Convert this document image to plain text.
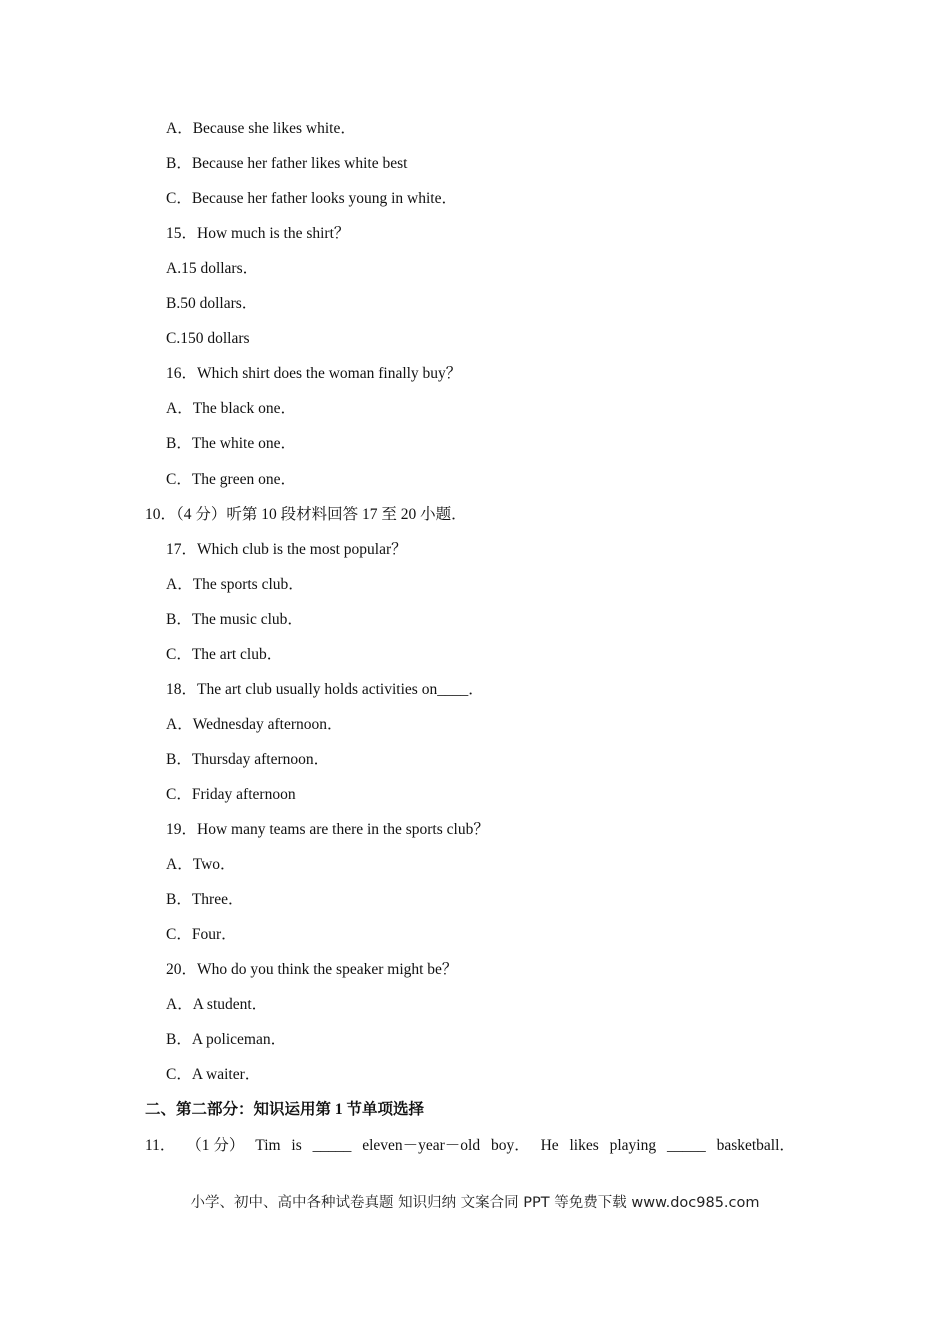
A．Because she likes white．
B．Because her father likes white best
C．Because her father looks young in white．
15．How much is the shirt？
A.15 dollars．
B.50 dollars．
C.150 dollars
16．Which shirt does the woman finally buy？
A．The black one．
B．The white one．
C．The green one．
10．（4 分）听第 10 段材料回答 17 至 20 小题．
17．Which club is the most popular？
A．The sports club．
B．The music club．
C．The art club．
18．The art club usually holds activities on____．
A．Wednesday afternoon．
B．Thursday afternoon．
C．Friday afternoon
19．How many teams are there in the sports club？
A．Two．
B．Three．
C．Four．
20．Who do you think the speaker might be？
A．A student．
B．A policeman．
C．A waiter．
二、第二部分：知识运用第 1 节单项选择
11． （1 分） Tim is _____ eleven－year－old boy． He likes playing _____ basketball．
小学、初中、高中各种试卷真题 知识归纳 文案合同 PPT 等免费下载 www.doc985.com
